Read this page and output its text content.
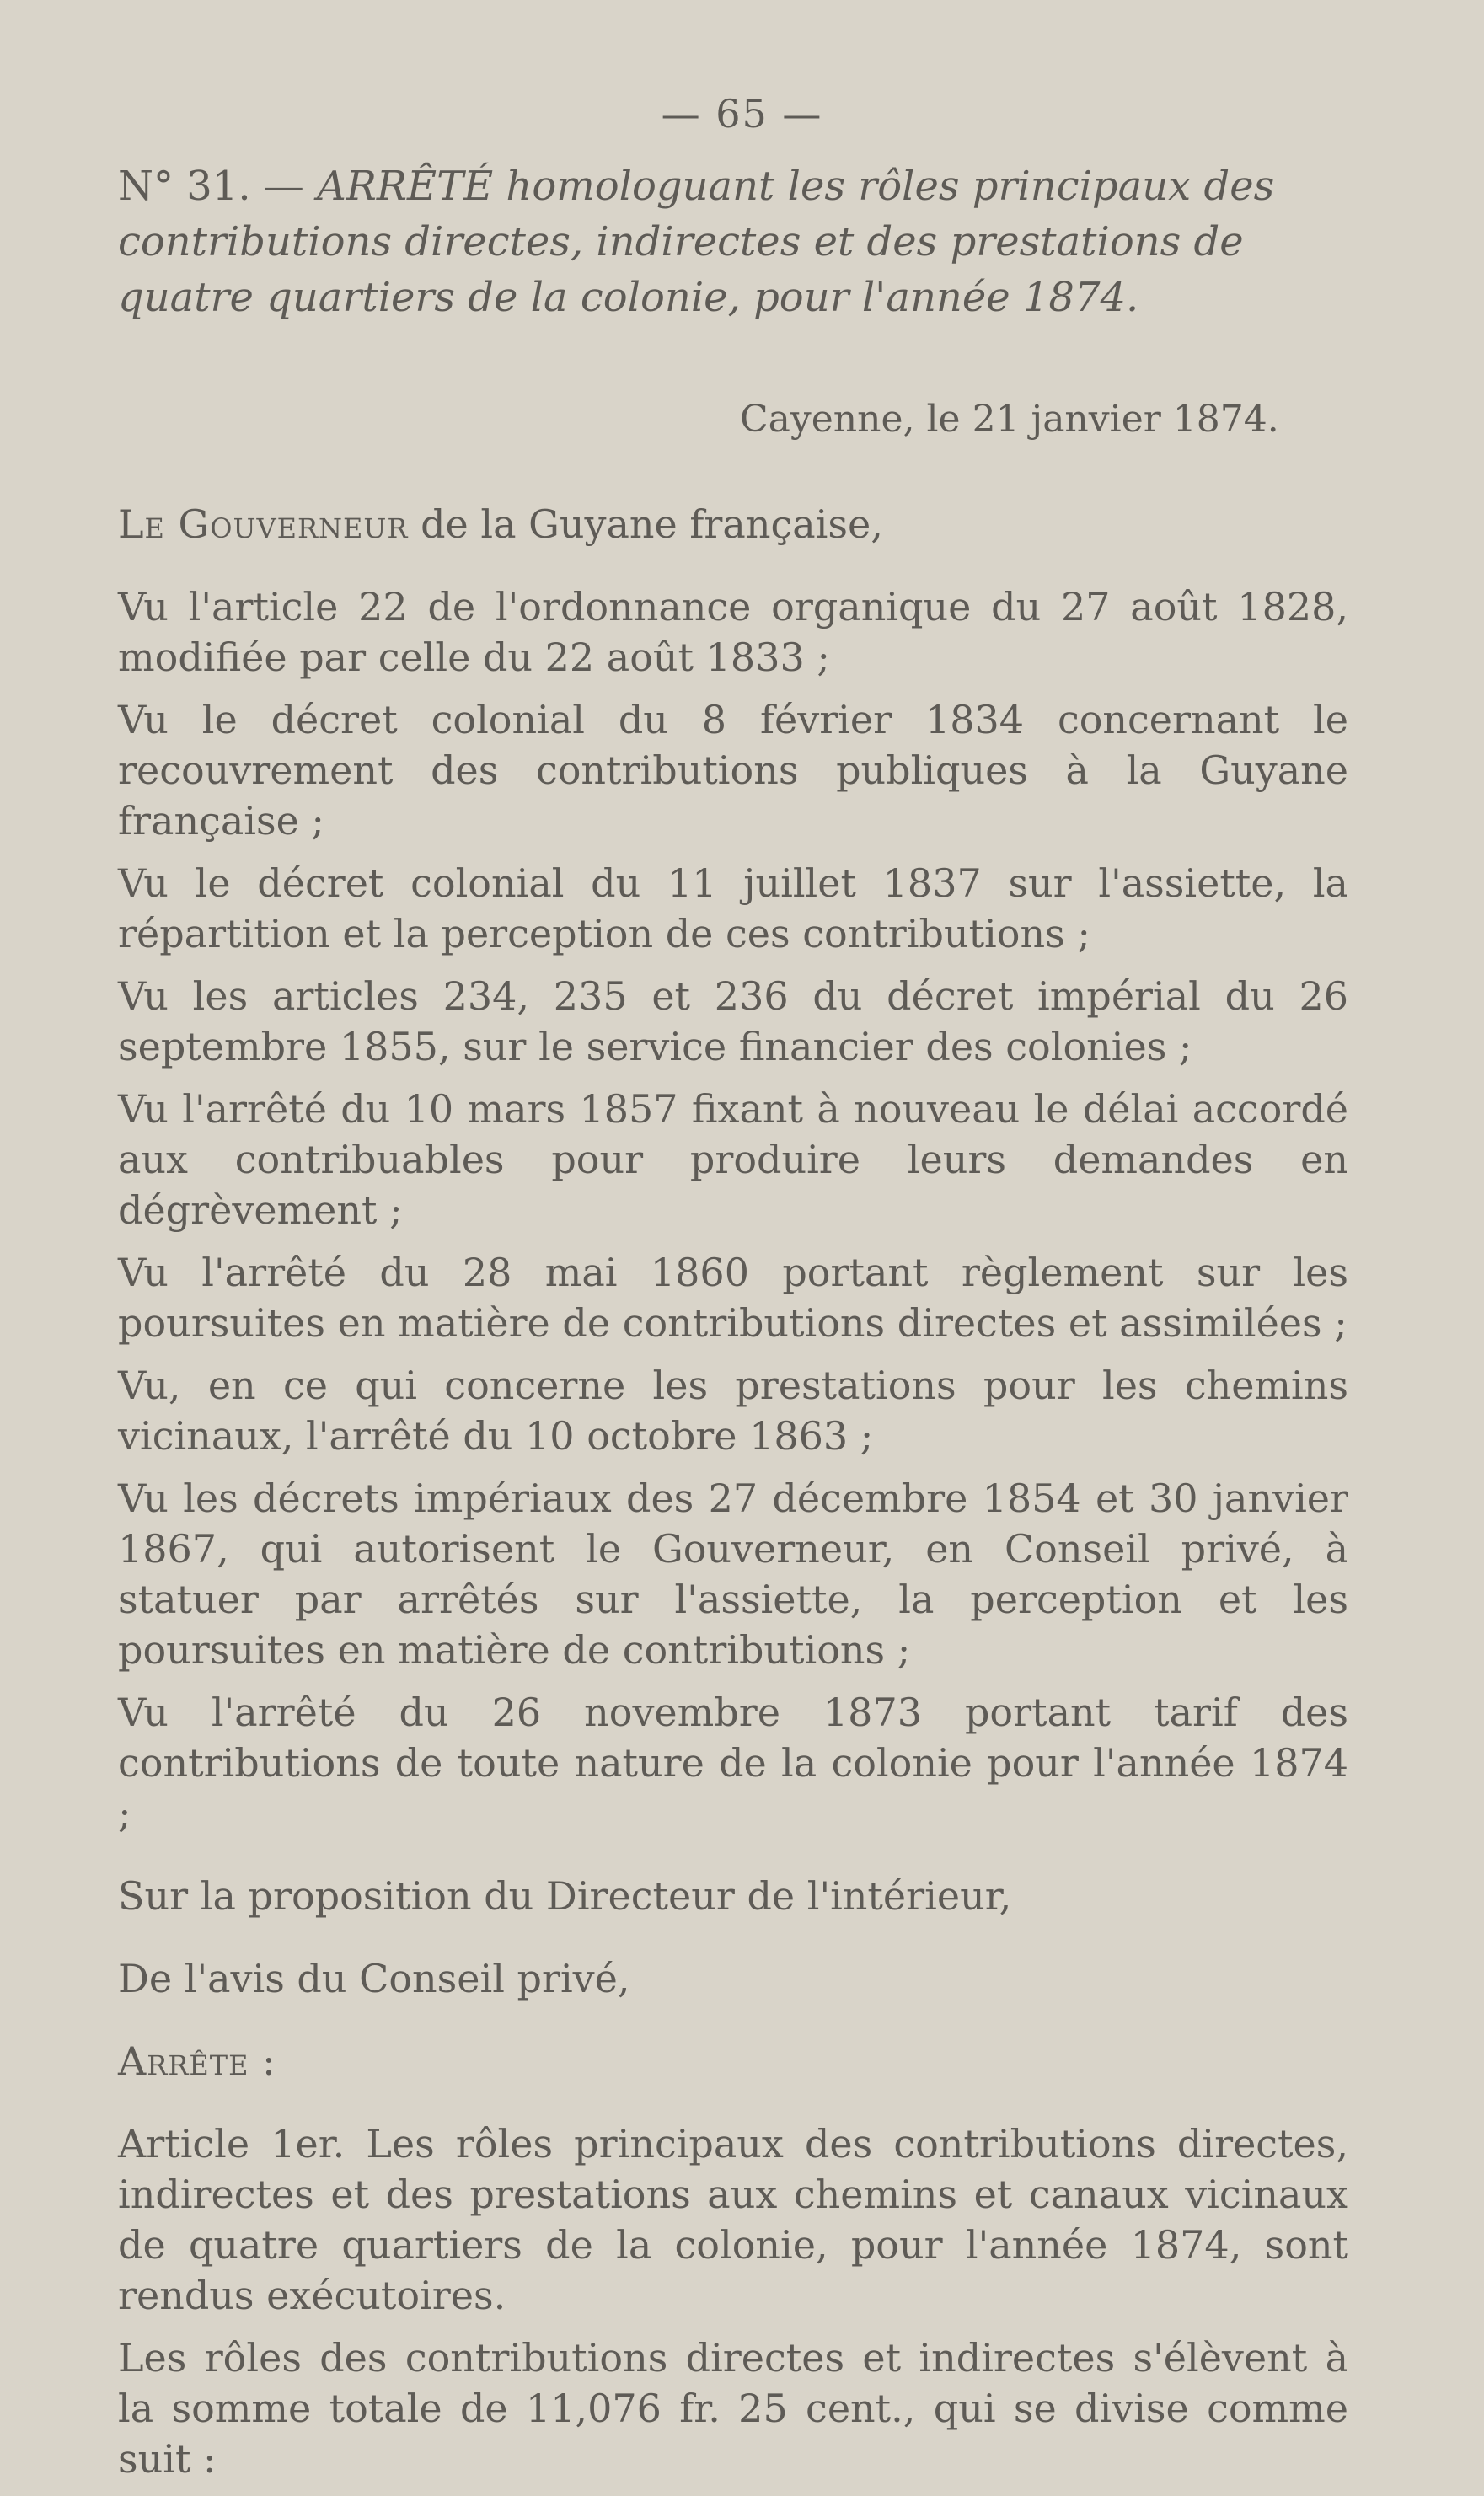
— 65 —
N° 31. — ARRÊTÉ homologuant les rôles principaux des contributions directes, indirectes et des prestations de quatre quartiers de la colonie, pour l'année 1874.
Cayenne, le 21 janvier 1874.

Le Gouverneur de la Guyane française,

Vu l'article 22 de l'ordonnance organique du 27 août 1828, modifiée par celle du 22 août 1833 ;

Vu le décret colonial du 8 février 1834 concernant le recouvrement des contributions publiques à la Guyane française ;

Vu le décret colonial du 11 juillet 1837 sur l'assiette, la répartition et la perception de ces contributions ;

Vu les articles 234, 235 et 236 du décret impérial du 26 septembre 1855, sur le service financier des colonies ;

Vu l'arrêté du 10 mars 1857 fixant à nouveau le délai accordé aux contribuables pour produire leurs demandes en dégrèvement ;

Vu l'arrêté du 28 mai 1860 portant règlement sur les poursuites en matière de contributions directes et assimilées ;

Vu, en ce qui concerne les prestations pour les chemins vicinaux, l'arrêté du 10 octobre 1863 ;

Vu les décrets impériaux des 27 décembre 1854 et 30 janvier 1867, qui autorisent le Gouverneur, en Conseil privé, à statuer par arrêtés sur l'assiette, la perception et les poursuites en matière de contributions ;

Vu l'arrêté du 26 novembre 1873 portant tarif des contributions de toute nature de la colonie pour l'année 1874 ;

Sur la proposition du Directeur de l'intérieur,

De l'avis du Conseil privé,

Arrête :

Article 1er. Les rôles principaux des contributions directes, indirectes et des prestations aux chemins et canaux vicinaux de quatre quartiers de la colonie, pour l'année 1874, sont rendus exécutoires.

Les rôles des contributions directes et indirectes s'élèvent à la somme totale de 11,076 fr. 25 cent., qui se divise comme suit :
